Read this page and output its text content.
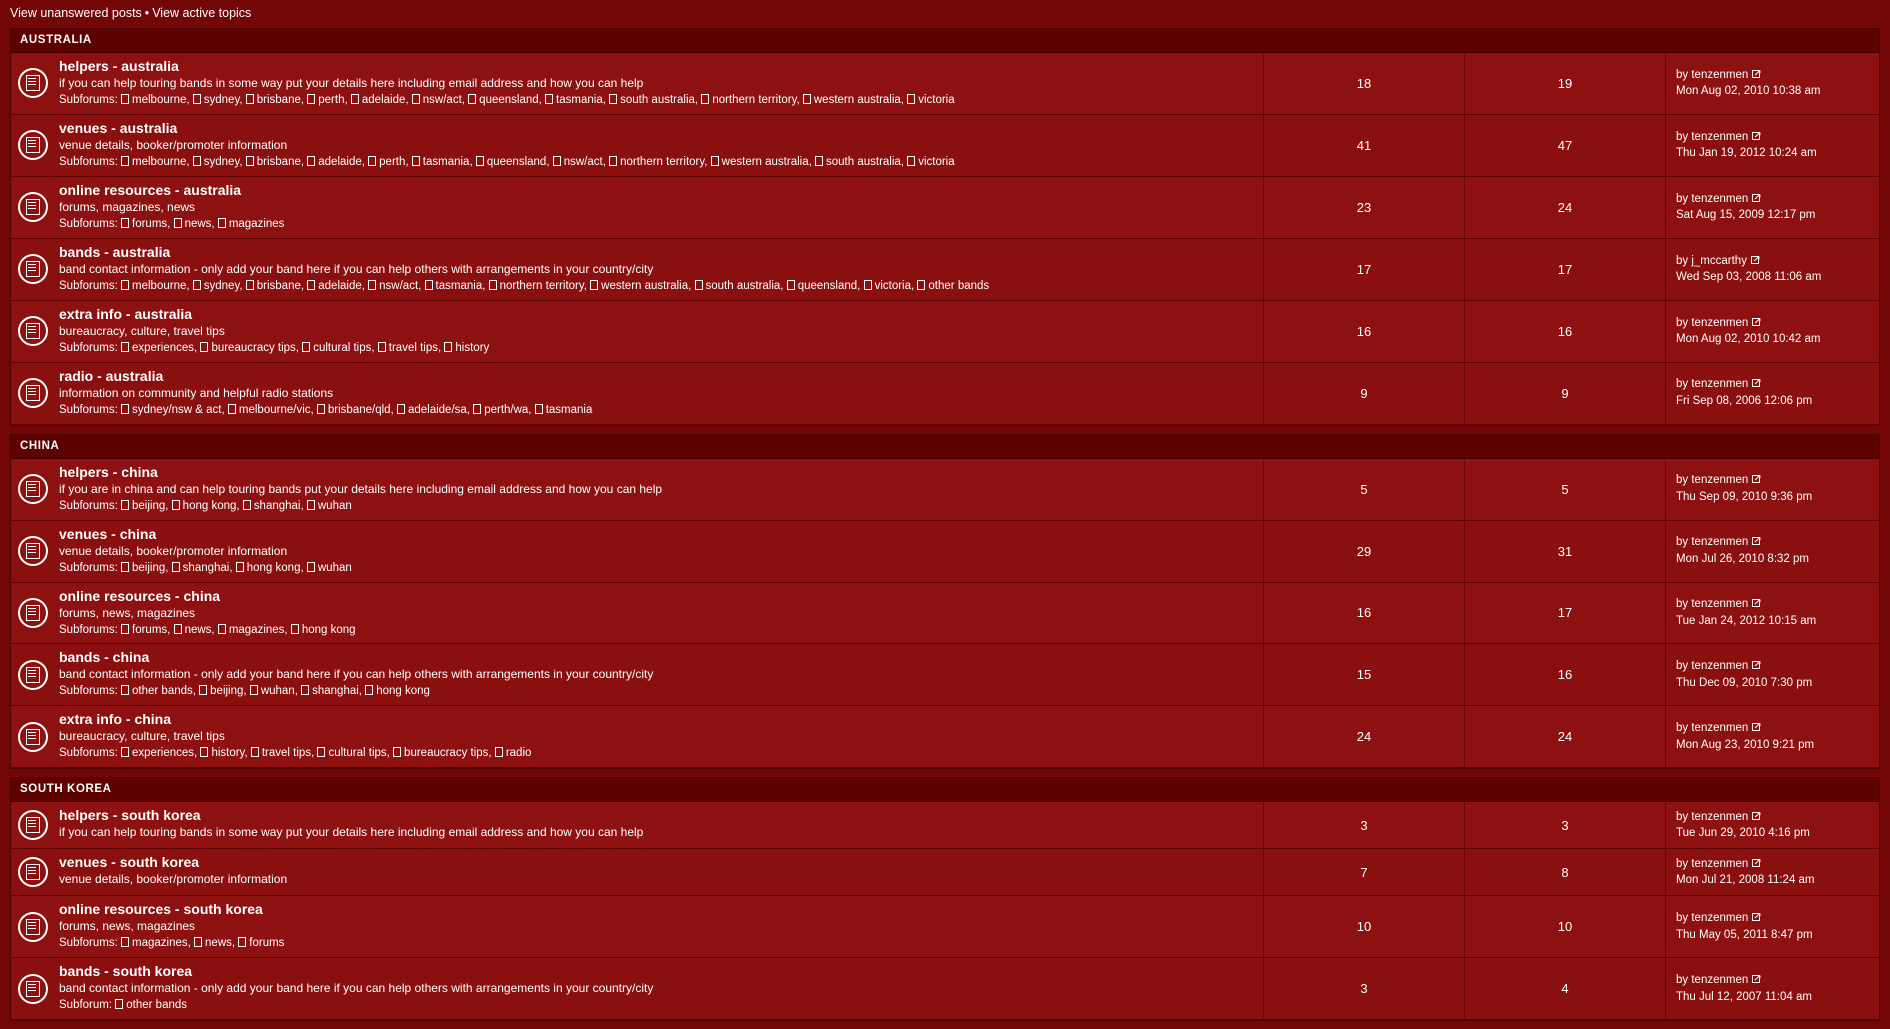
View unanswered posts • View active topics
AUSTRALIA
helpers - australia
if you can help touring bands in some way put your details here including email address and how you can help
Subforums: melbourne, sydney, brisbane, perth, adelaide, nsw/act, queensland, tasmania, south australia, northern territory, western australia, victoria
18	19
by tenzenmen
Mon Aug 02, 2010 10:38 am
venues - australia
venue details, booker/promoter information
Subforums: melbourne, sydney, brisbane, adelaide, perth, tasmania, queensland, nsw/act, northern territory, western australia, south australia, victoria
41	47
by tenzenmen
Thu Jan 19, 2012 10:24 am
online resources - australia
forums, magazines, news
Subforums: forums, news, magazines
23	24
by tenzenmen
Sat Aug 15, 2009 12:17 pm
bands - australia
band contact information - only add your band here if you can help others with arrangements in your country/city
Subforums: melbourne, sydney, brisbane, adelaide, nsw/act, tasmania, northern territory, western australia, south australia, queensland, victoria, other bands
17	17
by j_mccarthy
Wed Sep 03, 2008 11:06 am
extra info - australia
bureaucracy, culture, travel tips
Subforums: experiences, bureaucracy tips, cultural tips, travel tips, history
16	16
by tenzenmen
Mon Aug 02, 2010 10:42 am
radio - australia
information on community and helpful radio stations
Subforums: sydney/nsw & act, melbourne/vic, brisbane/qld, adelaide/sa, perth/wa, tasmania
9	9
by tenzenmen
Fri Sep 08, 2006 12:06 pm
CHINA
helpers - china
if you are in china and can help touring bands put your details here including email address and how you can help
Subforums: beijing, hong kong, shanghai, wuhan
5	5
by tenzenmen
Thu Sep 09, 2010 9:36 pm
venues - china
venue details, booker/promoter information
Subforums: beijing, shanghai, hong kong, wuhan
29	31
by tenzenmen
Mon Jul 26, 2010 8:32 pm
online resources - china
forums, news, magazines
Subforums: forums, news, magazines, hong kong
16	17
by tenzenmen
Tue Jan 24, 2012 10:15 am
bands - china
band contact information - only add your band here if you can help others with arrangements in your country/city
Subforums: other bands, beijing, wuhan, shanghai, hong kong
15	16
by tenzenmen
Thu Dec 09, 2010 7:30 pm
extra info - china
bureaucracy, culture, travel tips
Subforums: experiences, history, travel tips, cultural tips, bureaucracy tips, radio
24	24
by tenzenmen
Mon Aug 23, 2010 9:21 pm
SOUTH KOREA
helpers - south korea
if you can help touring bands in some way put your details here including email address and how you can help	3	3
by tenzenmen
Tue Jun 29, 2010 4:16 pm
venues - south korea
venue details, booker/promoter information	7	8
by tenzenmen
Mon Jul 21, 2008 11:24 am
online resources - south korea
forums, news, magazines
Subforums: magazines, news, forums
10	10
by tenzenmen
Thu May 05, 2011 8:47 pm
bands - south korea
band contact information - only add your band here if you can help others with arrangements in your country/city
Subforum: other bands
3	4
by tenzenmen
Thu Jul 12, 2007 11:04 am
